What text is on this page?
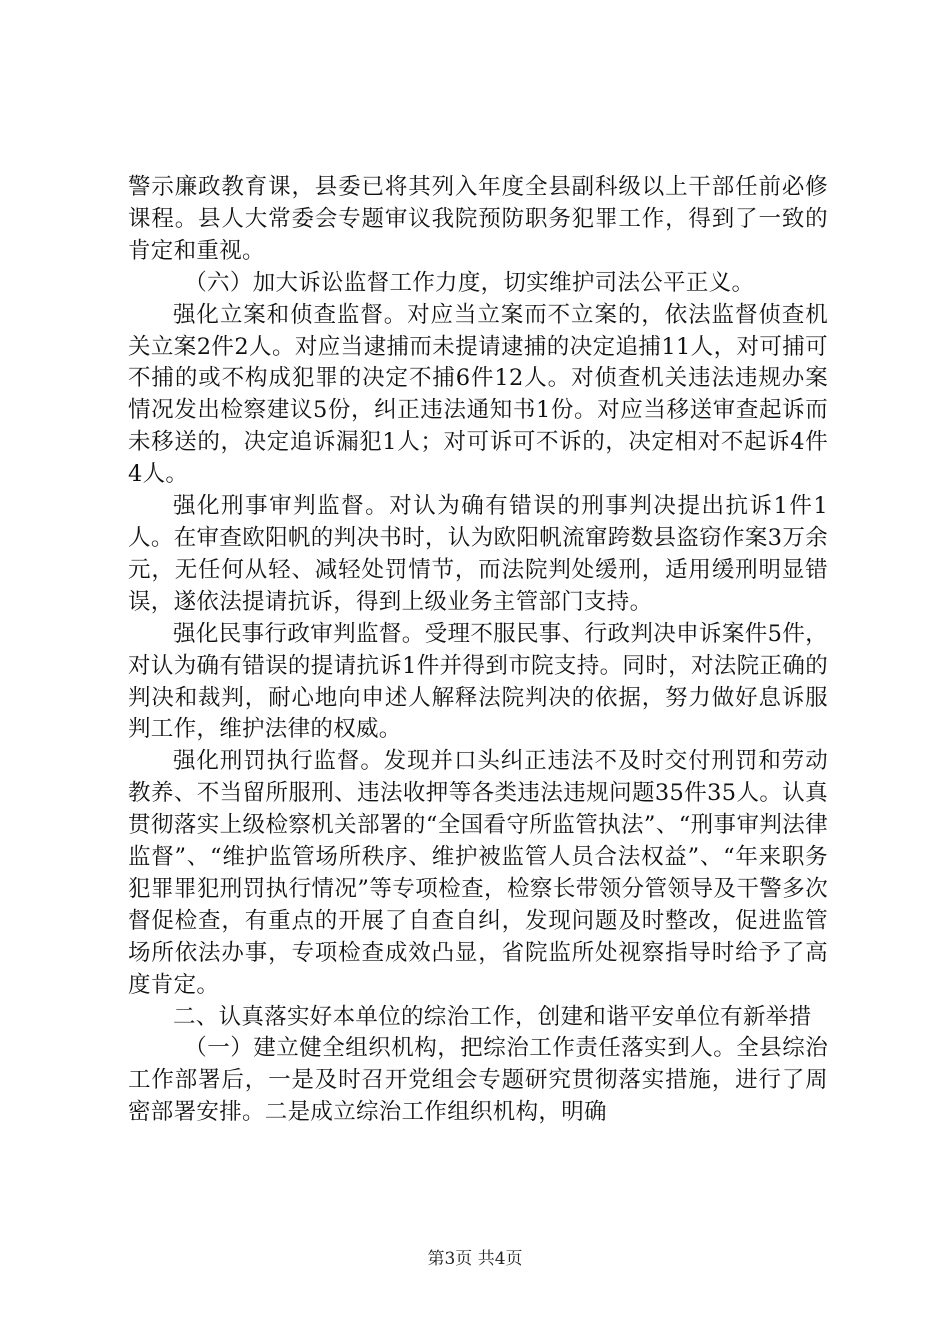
警示廉政教育课，县委已将其列入年度全县副科级以上干部任前必修课程。县人大常委会专题审议我院预防职务犯罪工作，得到了一致的肯定和重视。

（六）加大诉讼监督工作力度，切实维护司法公平正义。

强化立案和侦查监督。对应当立案而不立案的，依法监督侦查机关立案2件2人。对应当逮捕而未提请逮捕的决定追捕11人，对可捕可不捕的或不构成犯罪的决定不捕6件12人。对侦查机关违法违规办案情况发出检察建议5份，纠正违法通知书1份。对应当移送审查起诉而未移送的，决定追诉漏犯1人；对可诉可不诉的，决定相对不起诉4件4人。

强化刑事审判监督。对认为确有错误的刑事判决提出抗诉1件1人。在审查欧阳帆的判决书时，认为欧阳帆流窜跨数县盗窃作案3万余元，无任何从轻、减轻处罚情节，而法院判处缓刑，适用缓刑明显错误，遂依法提请抗诉，得到上级业务主管部门支持。

强化民事行政审判监督。受理不服民事、行政判决申诉案件5件，对认为确有错误的提请抗诉1件并得到市院支持。同时，对法院正确的判决和裁判，耐心地向申述人解释法院判决的依据，努力做好息诉服判工作，维护法律的权威。

强化刑罚执行监督。发现并口头纠正违法不及时交付刑罚和劳动教养、不当留所服刑、违法收押等各类违法违规问题35件35人。认真贯彻落实上级检察机关部署的“全国看守所监管执法”、“刑事审判法律监督”、“维护监管场所秩序、维护被监管人员合法权益”、“年来职务犯罪罪犯刑罚执行情况”等专项检查，检察长带领分管领导及干警多次督促检查，有重点的开展了自查自纠，发现问题及时整改，促进监管场所依法办事，专项检查成效凸显，省院监所处视察指导时给予了高度肯定。

二、认真落实好本单位的综治工作，创建和谐平安单位有新举措

（一）建立健全组织机构，把综治工作责任落实到人。全县综治工作部署后，一是及时召开党组会专题研究贯彻落实措施，进行了周密部署安排。二是成立综治工作组织机构，明确

第3页 共4页
